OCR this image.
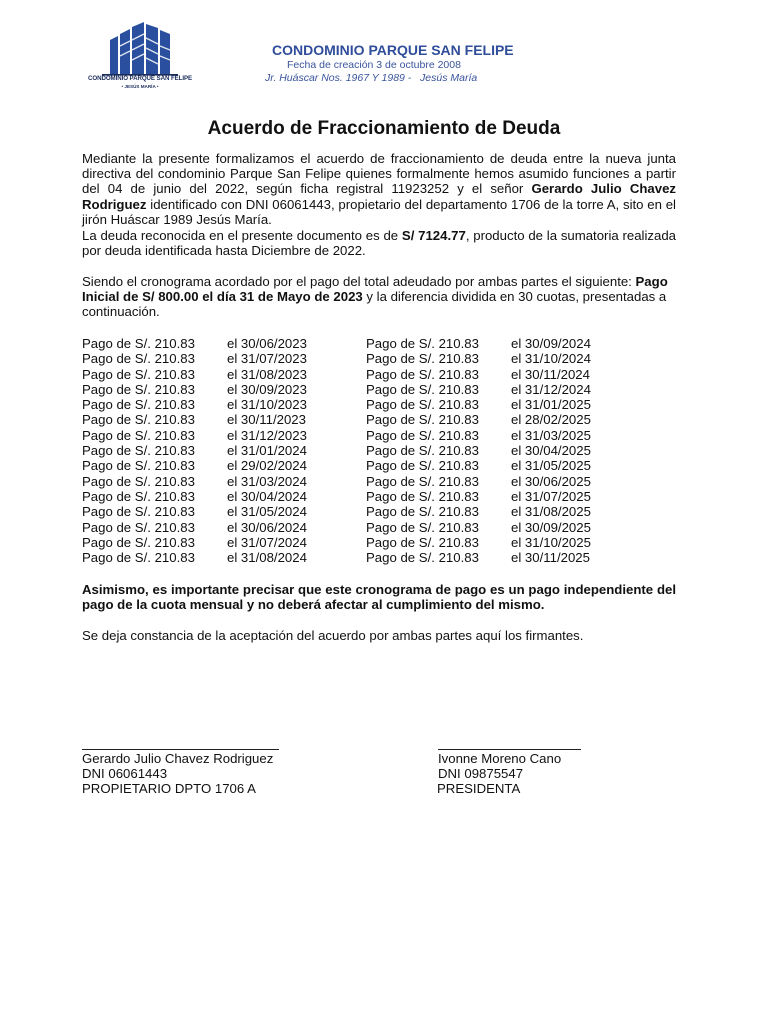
CONDOMINIO PARQUE SAN FELIPE
• JESÚS MARÍA •
CONDOMINIO PARQUE SAN FELIPE
Fecha de creación 3 de octubre 2008
Jr. Huáscar Nos. 1967 Y 1989 -   Jesús María
Acuerdo de Fraccionamiento de Deuda
Mediante la presente formalizamos el acuerdo de fraccionamiento de deuda entre la nueva junta directiva del condominio Parque San Felipe quienes formalmente hemos asumido funciones a partir del 04 de junio del 2022, según ficha registral 11923252 y el señor Gerardo Julio Chavez Rodriguez identificado con DNI 06061443, propietario del departamento 1706 de la torre A, sito en el jirón Huáscar 1989 Jesús María.
La deuda reconocida en el presente documento es de S/ 7124.77, producto de la sumatoria realizada por deuda identificada hasta Diciembre de 2022.
Siendo el cronograma acordado por el pago del total adeudado por ambas partes el siguiente: Pago Inicial de S/ 800.00 el día 31 de Mayo de 2023 y la diferencia dividida en 30 cuotas, presentadas a continuación.
Pago de S/. 210.83	el 30/06/2023
Pago de S/. 210.83	el 31/07/2023
Pago de S/. 210.83	el 31/08/2023
Pago de S/. 210.83	el 30/09/2023
Pago de S/. 210.83	el 31/10/2023
Pago de S/. 210.83	el 30/11/2023
Pago de S/. 210.83	el 31/12/2023
Pago de S/. 210.83	el 31/01/2024
Pago de S/. 210.83	el 29/02/2024
Pago de S/. 210.83	el 31/03/2024
Pago de S/. 210.83	el 30/04/2024
Pago de S/. 210.83	el 31/05/2024
Pago de S/. 210.83	el 30/06/2024
Pago de S/. 210.83	el 31/07/2024
Pago de S/. 210.83	el 31/08/2024
Pago de S/. 210.83	el 30/09/2024
Pago de S/. 210.83	el 31/10/2024
Pago de S/. 210.83	el 30/11/2024
Pago de S/. 210.83	el 31/12/2024
Pago de S/. 210.83	el 31/01/2025
Pago de S/. 210.83	el 28/02/2025
Pago de S/. 210.83	el 31/03/2025
Pago de S/. 210.83	el 30/04/2025
Pago de S/. 210.83	el 31/05/2025
Pago de S/. 210.83	el 30/06/2025
Pago de S/. 210.83	el 31/07/2025
Pago de S/. 210.83	el 31/08/2025
Pago de S/. 210.83	el 30/09/2025
Pago de S/. 210.83	el 31/10/2025
Pago de S/. 210.83	el 30/11/2025
Asimismo, es importante precisar que este cronograma de pago es un pago independiente del pago de la cuota mensual y no deberá afectar al cumplimiento del mismo.
Se deja constancia de la aceptación del acuerdo por ambas partes aquí los firmantes.
Gerardo Julio Chavez Rodriguez
DNI 06061443
PROPIETARIO DPTO 1706 A
Ivonne Moreno Cano
DNI 09875547
PRESIDENTA
